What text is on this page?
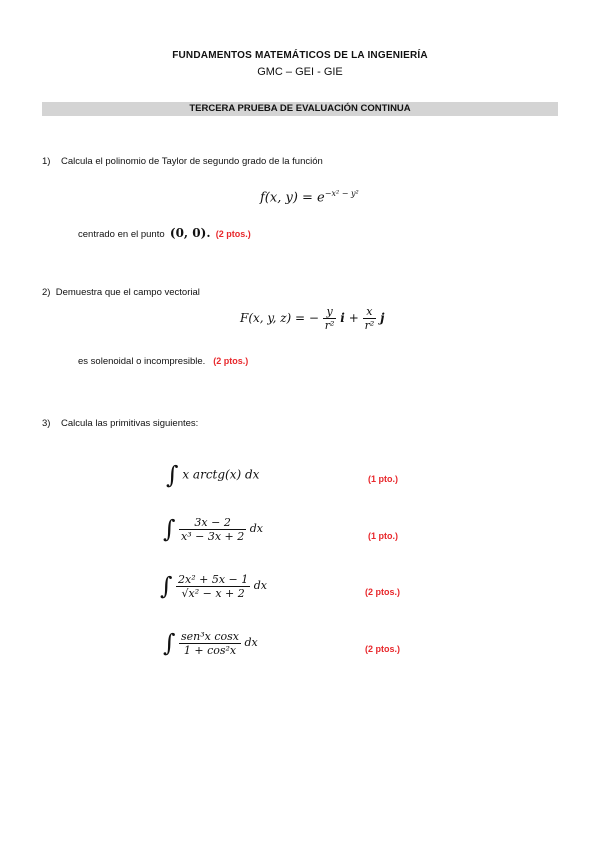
FUNDAMENTOS MATEMÁTICOS DE LA INGENIERÍA
GMC – GEI - GIE
TERCERA PRUEBA DE EVALUACIÓN CONTINUA
1) Calcula el polinomio de Taylor de segundo grado de la función
f(x, $y) = e^{-x^2 - y^2}$
centrado en el punto (0, 0). (2 ptos.)
2) Demuestra que el campo vectorial
F(x, y, z) = − $\frac{y}{\text{r²}}$ $i + \frac{x}{\text{r²}}$ j
es solenoidal o incompresible. (2 ptos.)
3) Calcula las primitivas siguientes:
∫ x arctg(x) dx	(1 pto.)
∫ $\frac{3x - 2}{\text{x³ − 3x + 2}}$ dx
(1 pto.)
∫ $\frac{\text{2x² + 5x − 1}}{\text{√x² − x + 2}}$ dx	(2 ptos.)
∫ $\frac{\text{sen³x cosx}}{\text{1 + cos²x}}$ dx	(2 ptos.)
